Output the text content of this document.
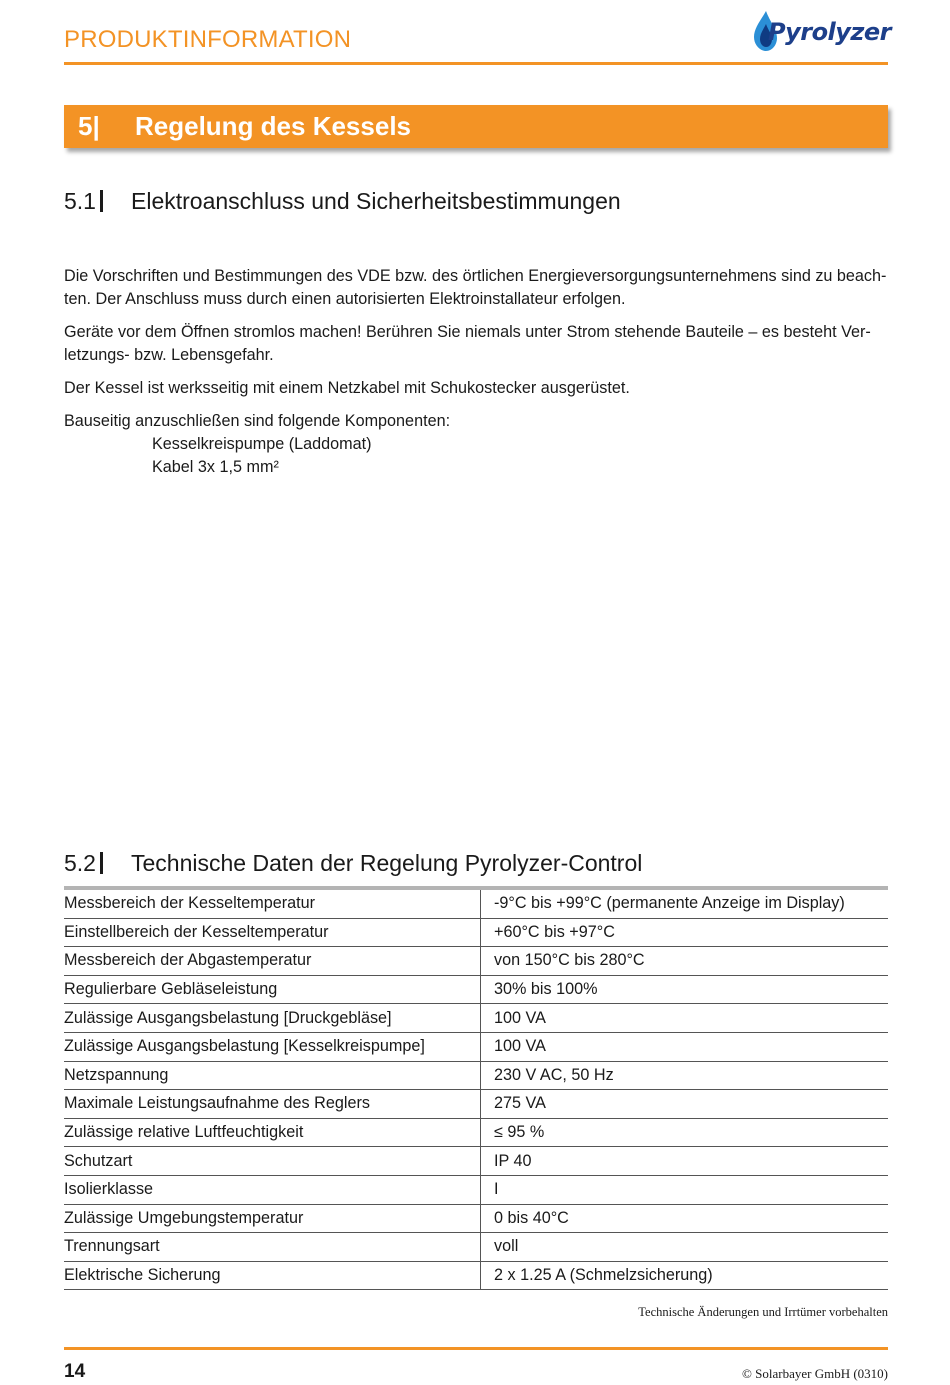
PRODUKTINFORMATION	Pyrolyzer
5| Regelung des Kessels
5.1 Elektroanschluss und Sicherheitsbestimmungen

Die Vorschriften und Bestimmungen des VDE bzw. des örtlichen Energieversorgungsunternehmens sind zu beach-ten. Der Anschluss muss durch einen autorisierten Elektroinstallateur erfolgen.

Geräte vor dem Öffnen stromlos machen! Berühren Sie niemals unter Strom stehende Bauteile – es besteht Ver-letzungs- bzw. Lebensgefahr.

Der Kessel ist werksseitig mit einem Netzkabel mit Schukostecker ausgerüstet.

Bauseitig anzuschließen sind folgende Komponenten:
Kesselkreispumpe (Laddomat)
Kabel 3x 1,5 mm²
5.2 Technische Daten der Regelung Pyrolyzer-Control
Messbereich der Kesseltemperatur	-9°C bis +99°C (permanente Anzeige im Display)
Einstellbereich der Kesseltemperatur	+60°C bis +97°C
Messbereich der Abgastemperatur	von 150°C bis 280°C
Regulierbare Gebläseleistung	30% bis 100%
Zulässige Ausgangsbelastung [Druckgebläse]	100 VA
Zulässige Ausgangsbelastung [Kesselkreispumpe]	100 VA
Netzspannung	230 V AC, 50 Hz
Maximale Leistungsaufnahme des Reglers	275 VA
Zulässige relative Luftfeuchtigkeit	≤ 95 %
Schutzart	IP 40
Isolierklasse	I
Zulässige Umgebungstemperatur	0 bis 40°C
Trennungsart	voll
Elektrische Sicherung	2 x 1.25 A (Schmelzsicherung)
Technische Änderungen und Irrtümer vorbehalten
14	© Solarbayer GmbH (0310)
